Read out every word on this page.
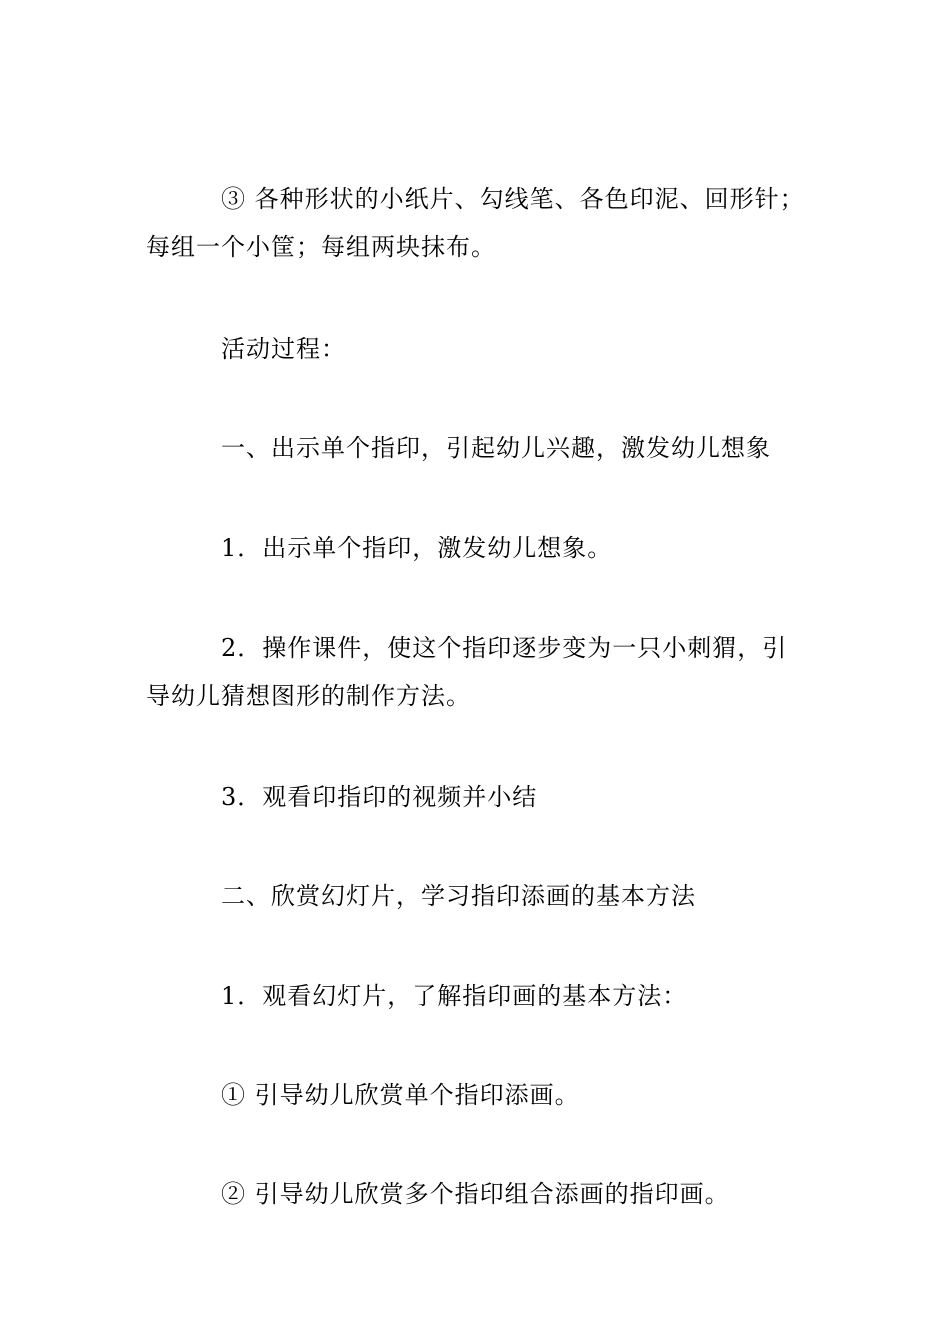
③ 各种形状的小纸片、勾线笔、各色印泥、回形针；每组一个小筐；每组两块抹布。

活动过程：

一、出示单个指印，引起幼儿兴趣，激发幼儿想象

1．出示单个指印，激发幼儿想象。

2．操作课件，使这个指印逐步变为一只小刺猬，引导幼儿猜想图形的制作方法。

3．观看印指印的视频并小结

二、欣赏幻灯片，学习指印添画的基本方法

1．观看幻灯片，了解指印画的基本方法：

① 引导幼儿欣赏单个指印添画。

② 引导幼儿欣赏多个指印组合添画的指印画。
